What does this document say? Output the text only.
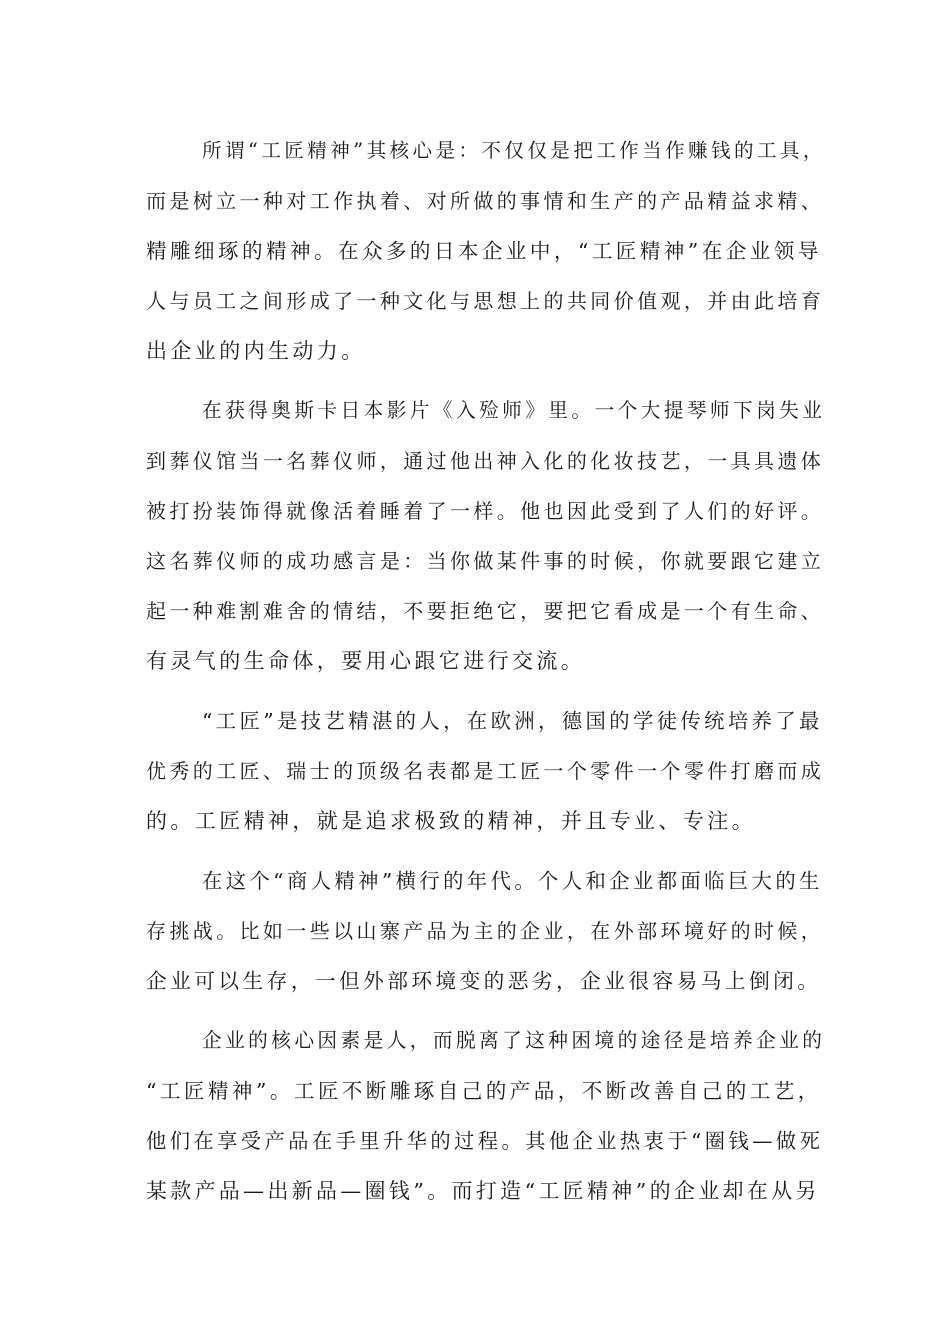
所谓“工匠精神”其核心是：不仅仅是把工作当作赚钱的工具，
而是树立一种对工作执着、对所做的事情和生产的产品精益求精、
精雕细琢的精神。在众多的日本企业中，“工匠精神”在企业领导
人与员工之间形成了一种文化与思想上的共同价值观，并由此培育
出企业的内生动力。
在获得奥斯卡日本影片《入殓师》里。一个大提琴师下岗失业
到葬仪馆当一名葬仪师，通过他出神入化的化妆技艺，一具具遗体
被打扮装饰得就像活着睡着了一样。他也因此受到了人们的好评。
这名葬仪师的成功感言是：当你做某件事的时候，你就要跟它建立
起一种难割难舍的情结，不要拒绝它，要把它看成是一个有生命、
有灵气的生命体，要用心跟它进行交流。
“工匠”是技艺精湛的人，在欧洲，德国的学徒传统培养了最
优秀的工匠、瑞士的顶级名表都是工匠一个零件一个零件打磨而成
的。工匠精神，就是追求极致的精神，并且专业、专注。
在这个“商人精神”横行的年代。个人和企业都面临巨大的生
存挑战。比如一些以山寨产品为主的企业，在外部环境好的时候，
企业可以生存，一但外部环境变的恶劣，企业很容易马上倒闭。
企业的核心因素是人，而脱离了这种困境的途径是培养企业的
“工匠精神”。工匠不断雕琢自己的产品，不断改善自己的工艺，
他们在享受产品在手里升华的过程。其他企业热衷于“圈钱—做死
某款产品—出新品—圈钱”。而打造“工匠精神”的企业却在从另
